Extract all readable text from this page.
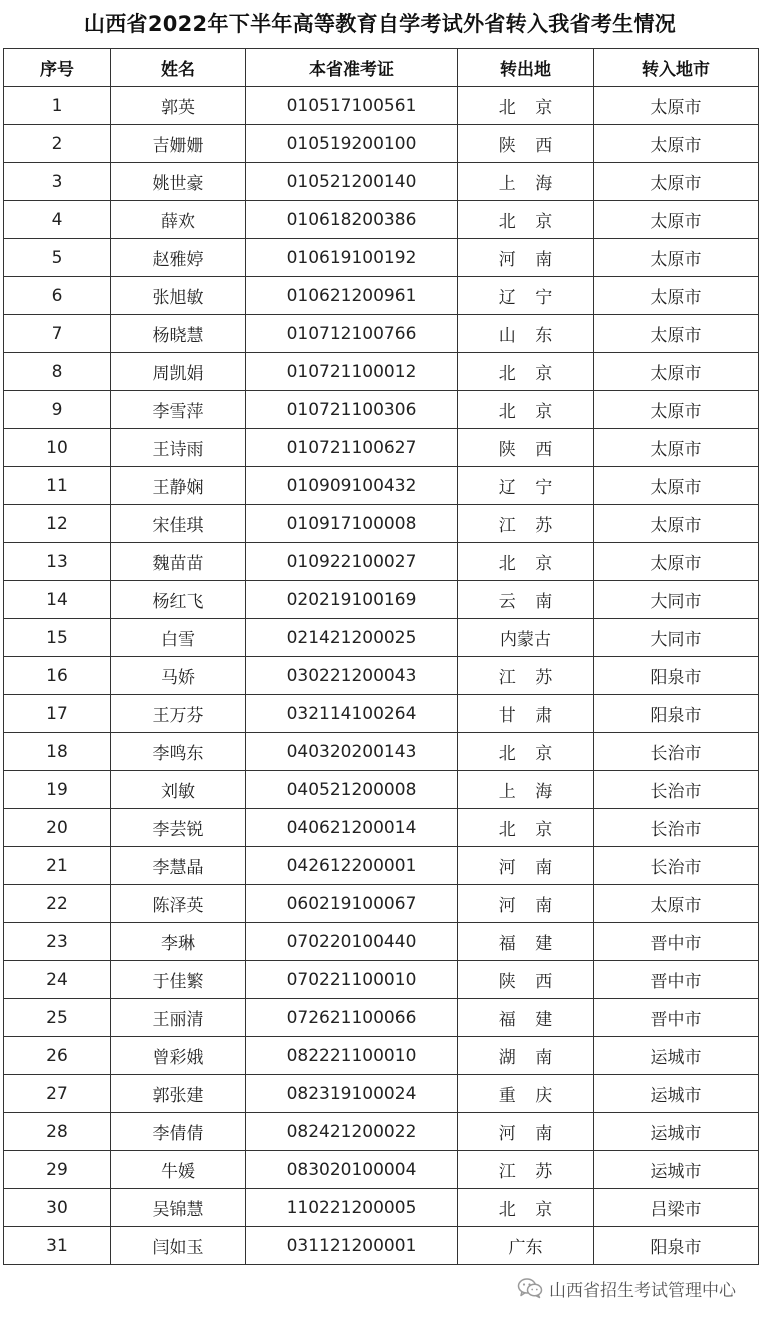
山西省2022年下半年高等教育自学考试外省转入我省考生情况
序号	姓名	本省准考证	转出地	转入地市
1	郭英	010517100561	北 京	太原市
2	吉姗姗	010519200100	陕 西	太原市
3	姚世豪	010521200140	上 海	太原市
4	薛欢	010618200386	北 京	太原市
5	赵雅婷	010619100192	河 南	太原市
6	张旭敏	010621200961	辽 宁	太原市
7	杨晓慧	010712100766	山 东	太原市
8	周凯娟	010721100012	北 京	太原市
9	李雪萍	010721100306	北 京	太原市
10	王诗雨	010721100627	陕 西	太原市
11	王静娴	010909100432	辽 宁	太原市
12	宋佳琪	010917100008	江 苏	太原市
13	魏苗苗	010922100027	北 京	太原市
14	杨红飞	020219100169	云 南	大同市
15	白雪	021421200025	内蒙古	大同市
16	马娇	030221200043	江 苏	阳泉市
17	王万芬	032114100264	甘 肃	阳泉市
18	李鸣东	040320200143	北 京	长治市
19	刘敏	040521200008	上 海	长治市
20	李芸锐	040621200014	北 京	长治市
21	李慧晶	042612200001	河 南	长治市
22	陈泽英	060219100067	河 南	太原市
23	李琳	070220100440	福 建	晋中市
24	于佳繁	070221100010	陕 西	晋中市
25	王丽清	072621100066	福 建	晋中市
26	曾彩娥	082221100010	湖 南	运城市
27	郭张建	082319100024	重 庆	运城市
28	李倩倩	082421200022	河 南	运城市
29	牛媛	083020100004	江 苏	运城市
30	吴锦慧	110221200005	北 京	吕梁市
31	闫如玉	031121200001	广东	阳泉市
山西省招生考试管理中心
